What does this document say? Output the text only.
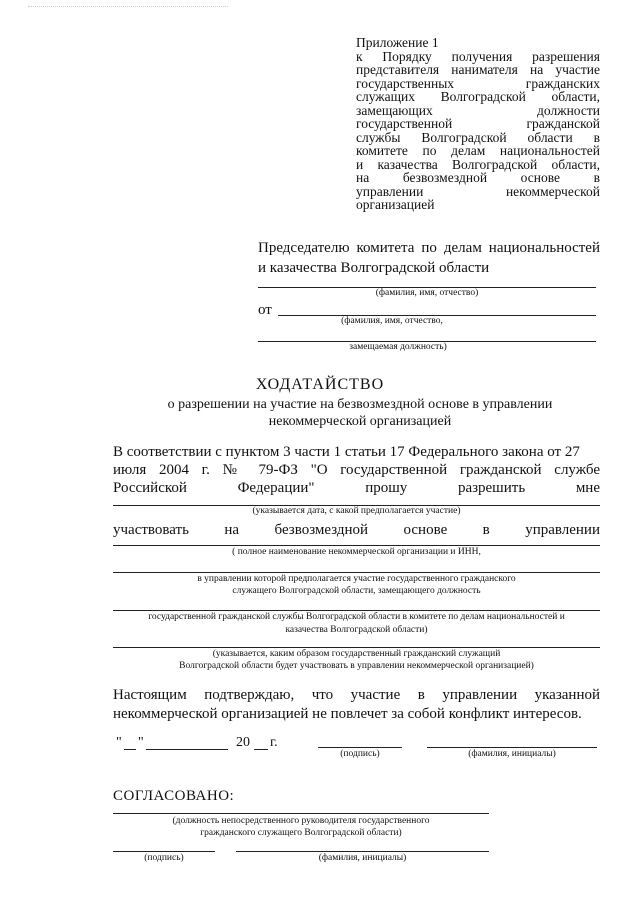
Приложение 1
к Порядку получения разрешения
представителя нанимателя на участие
государственных гражданских
служащих Волгоградской области,
замещающих должности
государственной гражданской
службы Волгоградской области в
комитете по делам национальностей
и казачества Волгоградской области,
на безвозмездной основе в
управлении некоммерческой
организацией
Председателю комитета по делам национальностей
и казачества Волгоградской области
(фамилия, имя, отчество)
от
(фамилия, имя, отчество,
замещаемая должность)
ХОДАТАЙСТВО
о разрешении на участие на безвозмездной основе в управлении
некоммерческой организацией
В соответствии с пунктом 3 части 1 статьи 17 Федерального закона от 27
июля 2004 г. № 79-ФЗ "О государственной гражданской службе
Российской Федерации" прошу разрешить мне
(указывается дата, с какой предполагается участие)
участвовать на безвозмездной основе в управлении
( полное наименование некоммерческой организации и ИНН,
в управлении которой предполагается участие государственного гражданского
служащего Волгоградской области, замещающего должность
государственной гражданской службы Волгоградской области в комитете по делам национальностей и
казачества Волгоградской области)
(указывается, каким образом государственный гражданский служащий
Волгоградской области будет участвовать в управлении некоммерческой организацией)
Настоящим подтверждаю, что участие в управлении указанной
некоммерческой организацией не повлечет за собой конфликт интересов.
" "	20 г.
(подпись)	(фамилия, инициалы)
СОГЛАСОВАНО:
(должность непосредственного руководителя государственного
гражданского служащего Волгоградской области)
(подпись)	(фамилия, инициалы)
